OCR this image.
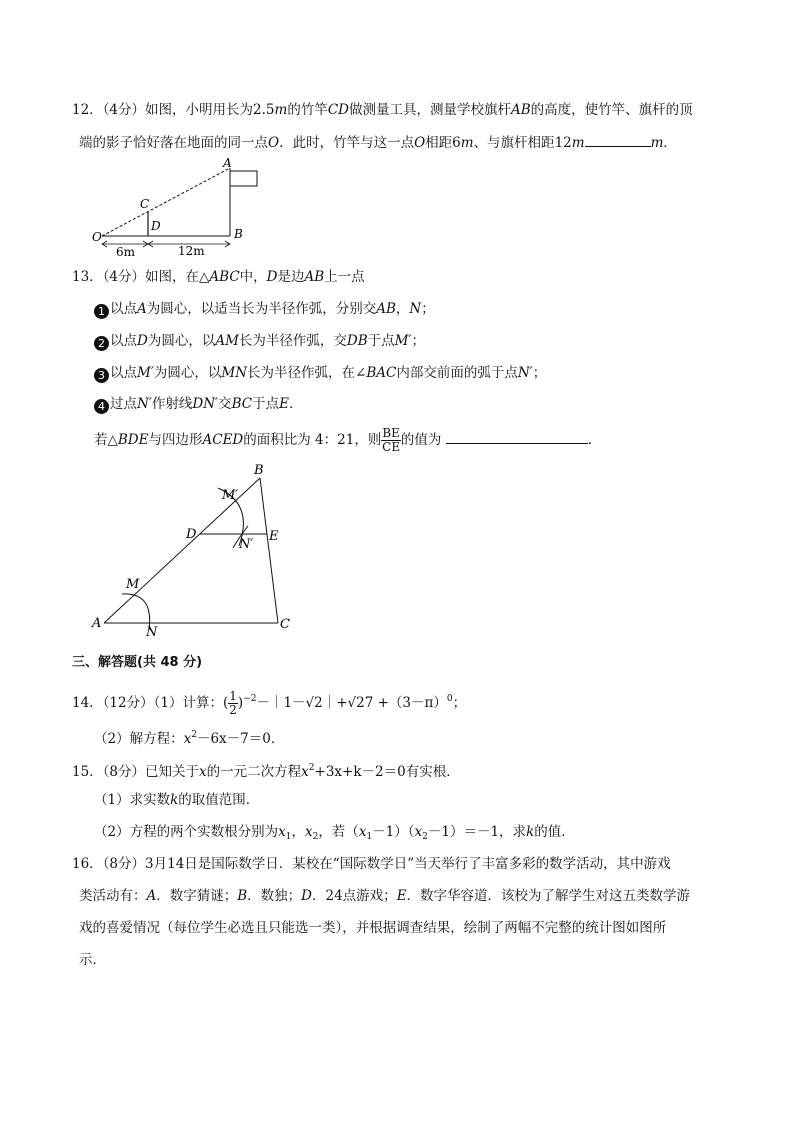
12．（4分）如图，小明用长为2.5m的竹竿CD做测量工具，测量学校旗杆AB的高度，使竹竿、旗杆的顶
端的影子恰好落在地面的同一点O．此时，竹竿与这一点O相距6m、与旗杆相距12m	m．
A
C
D
O	B
6m	12m
13．（4分）如图，在△ABC中，D是边AB上一点
1 以点A为圆心，以适当长为半径作弧，分别交AB，N；
2 以点D为圆心，以AM长为半径作弧，交DB于点M′；
3 以点M′为圆心，以MN长为半径作弧，在∠BAC内部交前面的弧于点N′；
4 过点N′作射线DN′交BC于点E．
若△BDE与四边形ACED的面积比为 4：21，则 $\frac{BE}{CE}$ 的值为	．
B
M′
D
N′
E
M
A
N
C
三、解答题(共 48 分)
14．（12分）（1）计算：( $\frac{1}{2}$ )$^{-2}$－｜1－√2｜+√27 $+(3-\pi)^0$；
（2）解方程：$x^2-6x-7=0$．
15．（8分）已知关于x的一元二次方程$x^2+3x+k-2=0$有实根．
（1）求实数k的取值范围．
（2）方程的两个实数根分别为$x_1$，$x_2$，若$(x_1-1)(x_2-1)=-1$，求k的值．
16．（8分）3月14日是国际数学日．某校在“国际数学日”当天举行了丰富多彩的数学活动，其中游戏
类活动有：A．数字猜谜；B．数独；D．24点游戏；E．数字华容道．该校为了解学生对这五类数学游
戏的喜爱情况（每位学生必选且只能选一类），并根据调查结果，绘制了两幅不完整的统计图如图所
示．
